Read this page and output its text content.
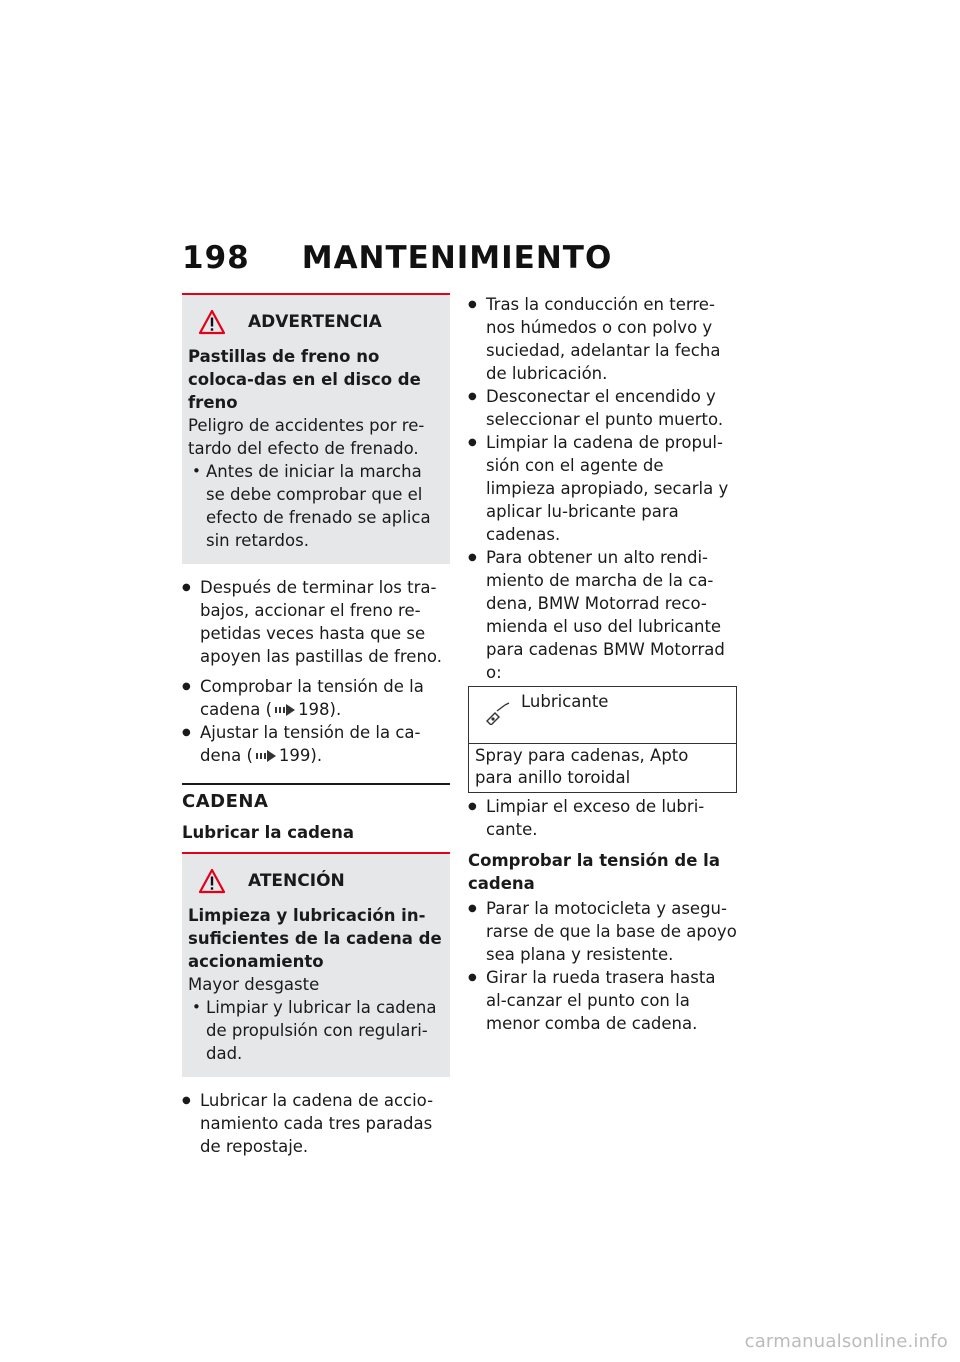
198 MANTENIMIENTO
ADVERTENCIA
Pastillas de freno no coloca-das en el disco de freno
Peligro de accidentes por re-tardo del efecto de frenado.
• Antes de iniciar la marcha se debe comprobar que el efecto de frenado se aplica sin retardos.
● Después de terminar los tra-bajos, accionar el freno re-petidas veces hasta que se apoyen las pastillas de freno.
● Comprobar la tensión de la cadena ( 198).
● Ajustar la tensión de la ca-dena ( 199).
CADENA
Lubricar la cadena
ATENCIÓN
Limpieza y lubricación in-suficientes de la cadena de accionamiento
Mayor desgaste
• Limpiar y lubricar la cadena de propulsión con regulari-dad.
● Lubricar la cadena de accio-namiento cada tres paradas de repostaje.
● Tras la conducción en terre-nos húmedos o con polvo y suciedad, adelantar la fecha de lubricación.
● Desconectar el encendido y seleccionar el punto muerto.
● Limpiar la cadena de propul-sión con el agente de limpieza apropiado, secarla y aplicar lu-bricante para cadenas.
● Para obtener un alto rendi-miento de marcha de la ca-dena, BMW Motorrad reco-mienda el uso del lubricante para cadenas BMW Motorrad o:
Lubricante

Spray para cadenas, Apto para anillo toroidal
● Limpiar el exceso de lubri-cante.
Comprobar la tensión de la cadena
● Parar la motocicleta y asegu-rarse de que la base de apoyo sea plana y resistente.
● Girar la rueda trasera hasta al-canzar el punto con la menor comba de cadena.
carmanualsonline.info
